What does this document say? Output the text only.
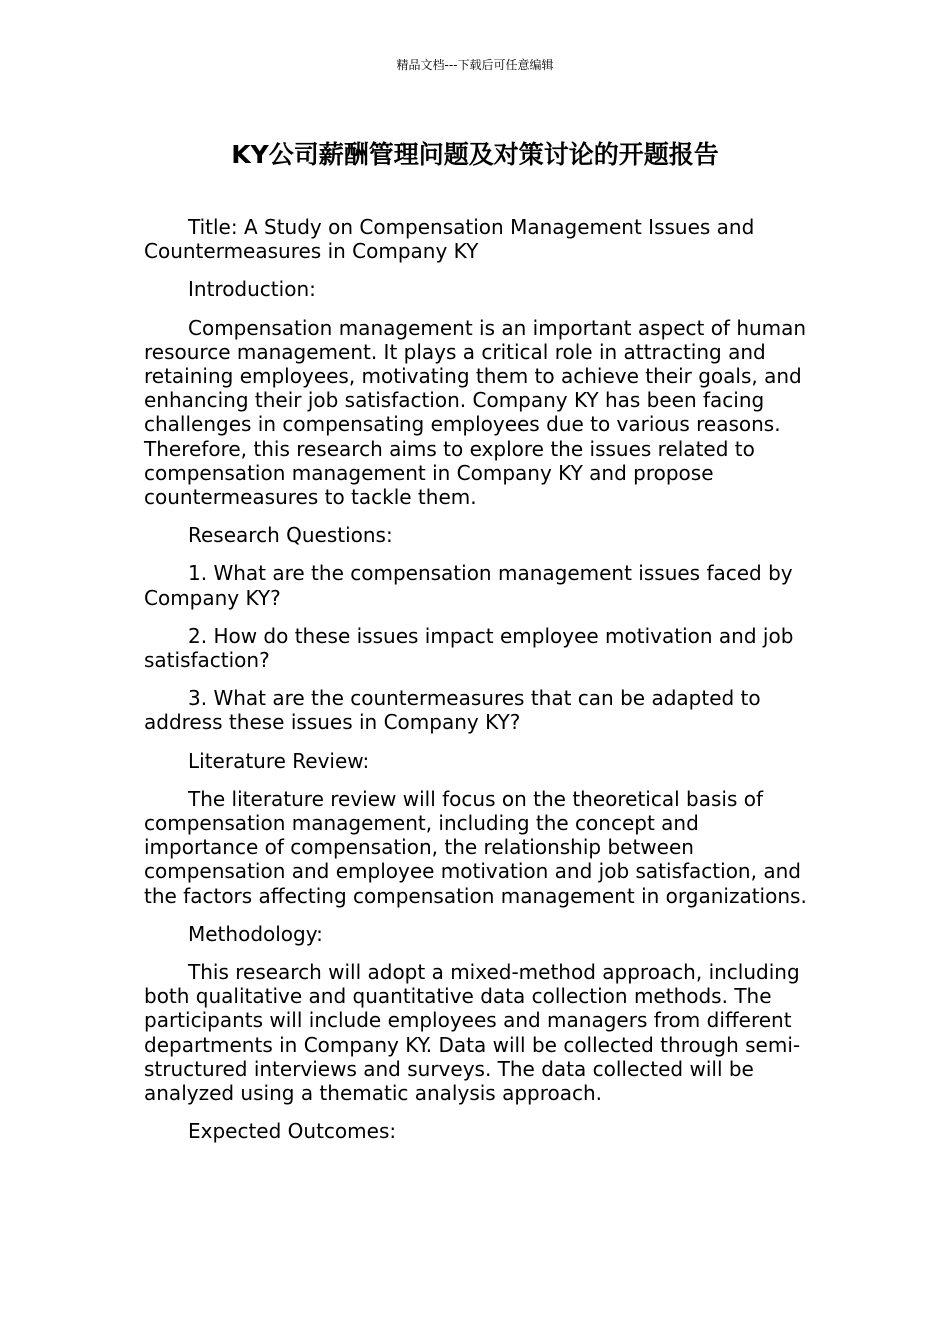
精品文档---下载后可任意编辑
KY公司薪酬管理问题及对策讨论的开题报告

Title: A Study on Compensation Management Issues and Countermeasures in Company KY

Introduction:

Compensation management is an important aspect of human resource management. It plays a critical role in attracting and retaining employees, motivating them to achieve their goals, and enhancing their job satisfaction. Company KY has been facing challenges in compensating employees due to various reasons. Therefore, this research aims to explore the issues related to compensation management in Company KY and propose countermeasures to tackle them.

Research Questions:

1. What are the compensation management issues faced by Company KY?

2. How do these issues impact employee motivation and job satisfaction?

3. What are the countermeasures that can be adapted to address these issues in Company KY?

Literature Review:

The literature review will focus on the theoretical basis of compensation management, including the concept and importance of compensation, the relationship between compensation and employee motivation and job satisfaction, and the factors affecting compensation management in organizations.

Methodology:

This research will adopt a mixed-method approach, including both qualitative and quantitative data collection methods. The participants will include employees and managers from different departments in Company KY. Data will be collected through semi-structured interviews and surveys. The data collected will be analyzed using a thematic analysis approach.

Expected Outcomes:
